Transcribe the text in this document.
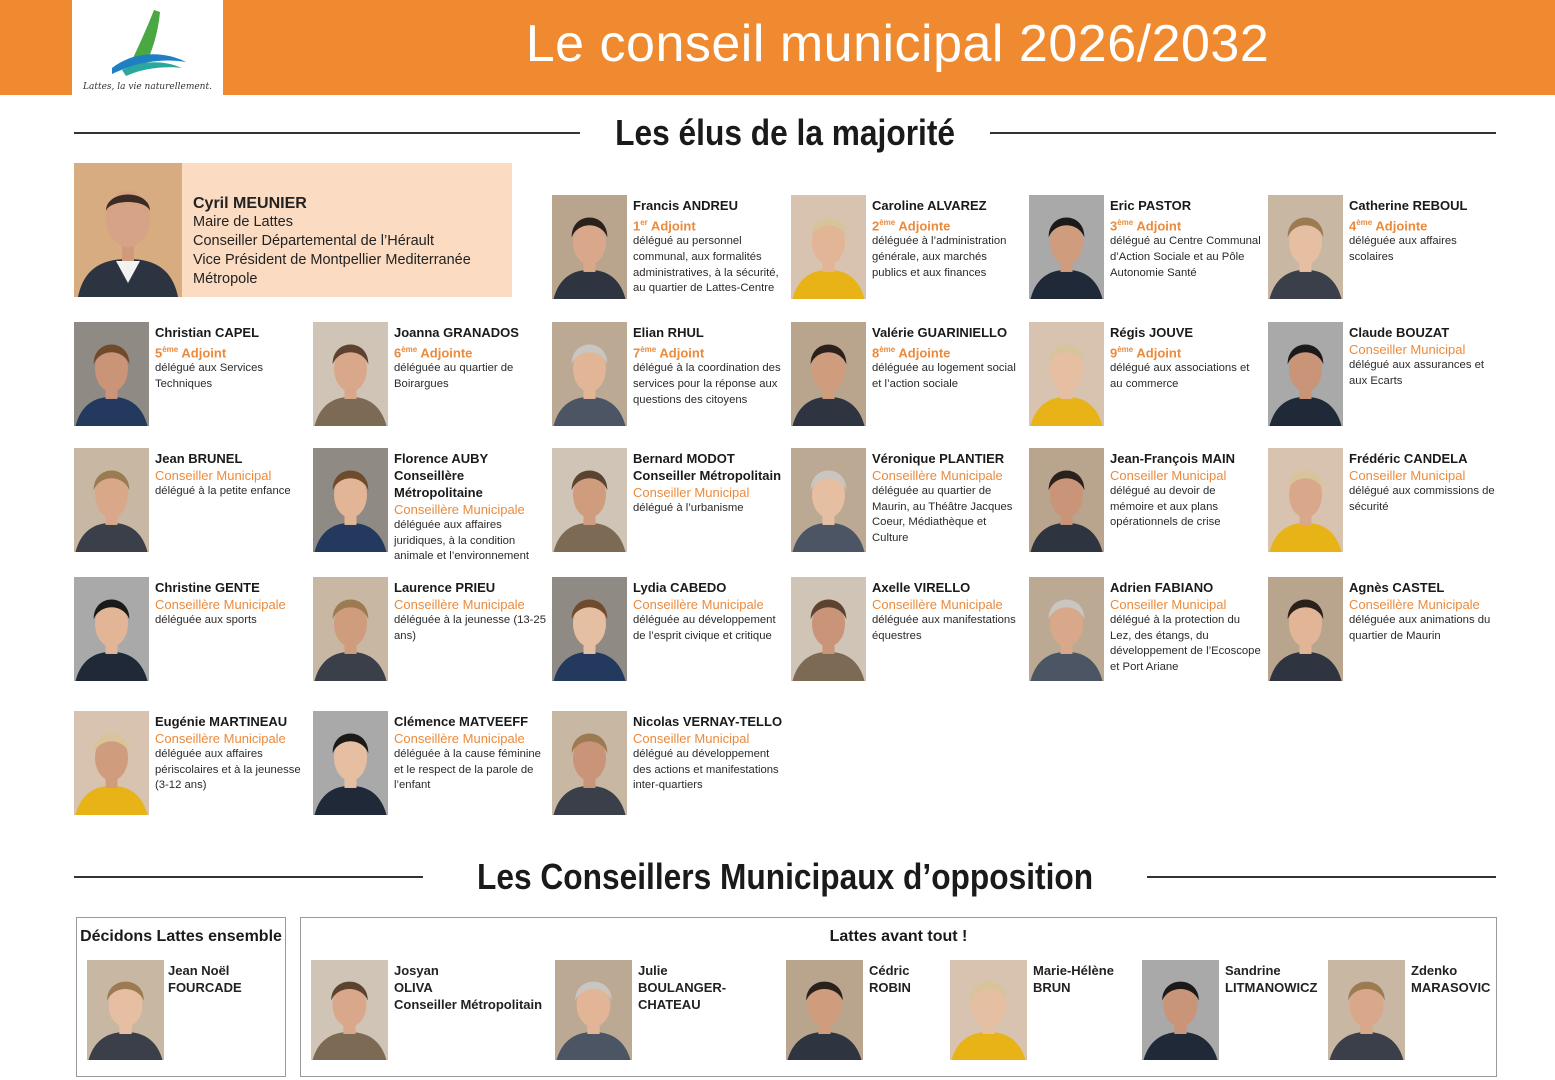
Lattes, la vie naturellement.
Le conseil municipal 2026/2032
Les élus de la majorité
Cyril MEUNIER
Maire de Lattes
Conseiller Départemental de l’Hérault
Vice Président de Montpellier Mediterranée Métropole
Francis ANDREU
1er Adjoint
délégué au personnel communal, aux formalités administratives, à la sécurité, au quartier de Lattes-Centre
Caroline ALVAREZ
2ème Adjointe
déléguée à l’administration générale, aux marchés publics et aux finances
Eric PASTOR
3ème Adjoint
délégué au Centre Communal d’Action Sociale et au Pôle Autonomie Santé
Catherine REBOUL
4ème Adjointe
déléguée aux affaires scolaires
Christian CAPEL
5ème Adjoint
délégué aux Services Techniques
Joanna GRANADOS
6ème Adjointe
déléguée au quartier de Boirargues
Elian RHUL
7ème Adjoint
délégué à la coordination des services pour la réponse aux questions des citoyens
Valérie GUARINIELLO
8ème Adjointe
déléguée au logement social et l’action sociale
Régis JOUVE
9ème Adjoint
délégué aux associations et au commerce
Claude BOUZAT
Conseiller Municipal
délégué aux assurances et aux Ecarts
Jean BRUNEL
Conseiller Municipal
délégué à la petite enfance
Florence AUBY
Conseillère Métropolitaine
Conseillère Municipale
déléguée aux affaires juridiques, à la condition animale et l’environnement
Bernard MODOT
Conseiller Métropolitain
Conseiller Municipal
délégué à l’urbanisme
Véronique PLANTIER
Conseillère Municipale
déléguée au quartier de Maurin, au Théâtre Jacques Coeur, Médiathèque et Culture
Jean-François MAIN
Conseiller Municipal
délégué au devoir de mémoire et aux plans opérationnels de crise
Frédéric CANDELA
Conseiller Municipal
délégué aux commissions de sécurité
Christine GENTE
Conseillère Municipale
déléguée aux sports
Laurence PRIEU
Conseillère Municipale
déléguée à la jeunesse (13-25 ans)
Lydia CABEDO
Conseillère Municipale
déléguée au développement de l’esprit civique et critique
Axelle VIRELLO
Conseillère Municipale
déléguée aux manifestations équestres
Adrien FABIANO
Conseiller Municipal
délégué à la protection du Lez, des étangs, du développement de l’Ecoscope et Port Ariane
Agnès CASTEL
Conseillère Municipale
déléguée aux animations du quartier de Maurin
Eugénie MARTINEAU
Conseillère Municipale
déléguée aux affaires périscolaires et à la jeunesse (3-12 ans)
Clémence MATVEEFF
Conseillère Municipale
déléguée à la cause féminine et le respect de la parole de l’enfant
Nicolas VERNAY-TELLO
Conseiller Municipal
délégué au développement des actions et manifestations inter-quartiers
Les Conseillers Municipaux d’opposition
Décidons Lattes ensemble
Jean Noël
FOURCADE
Lattes avant tout !
Josyan
OLIVA
Conseiller Métropolitain
Julie
BOULANGER-CHATEAU
Cédric
ROBIN
Marie-Hélène
BRUN
Sandrine
LITMANOWICZ
Zdenko
MARASOVIC
